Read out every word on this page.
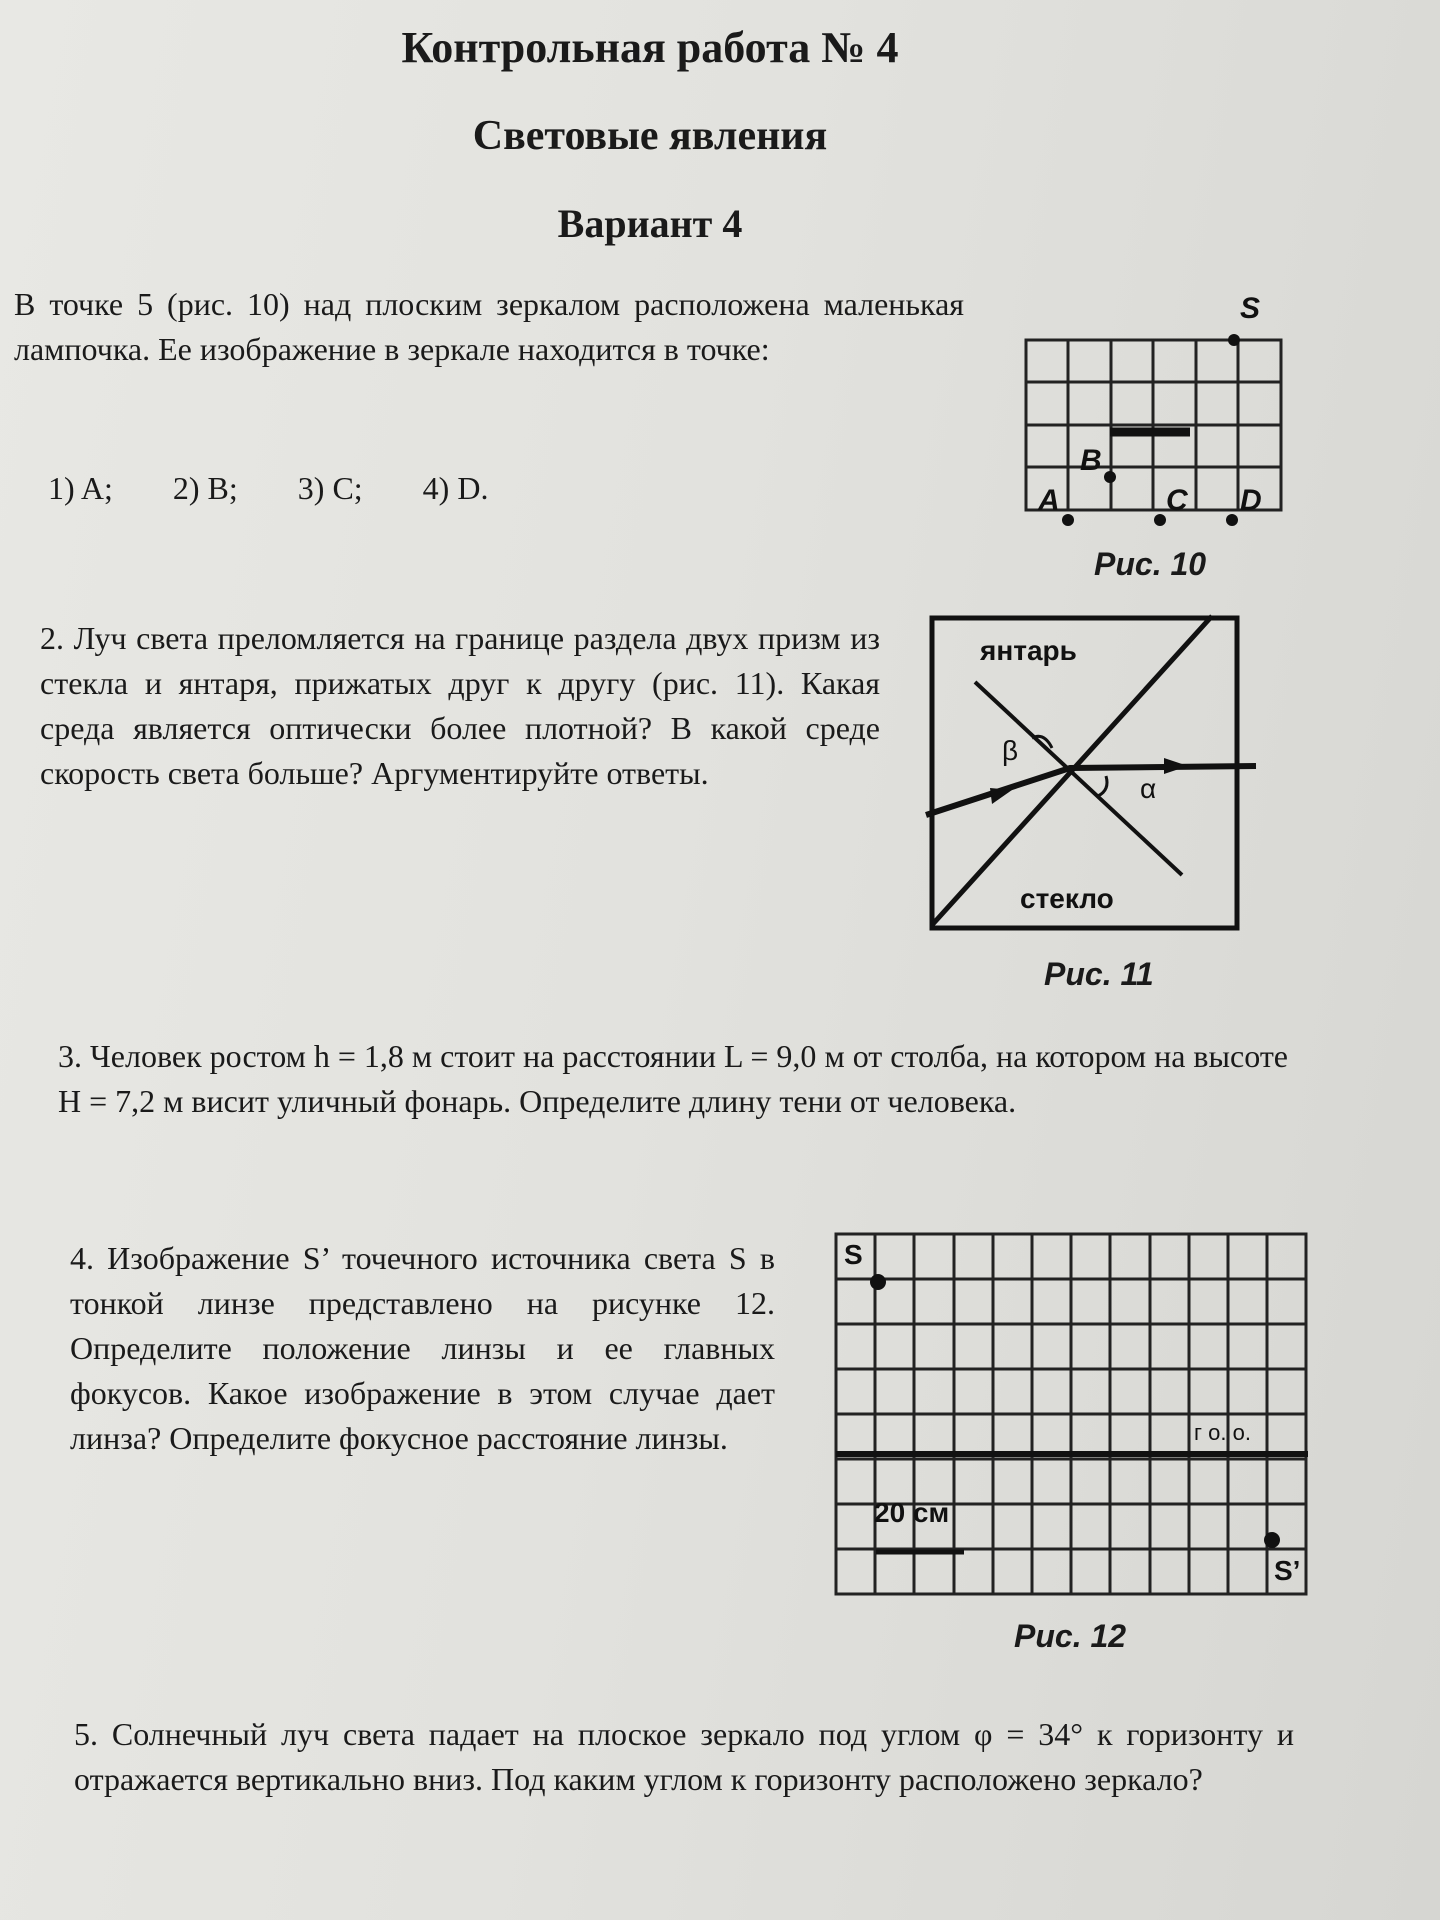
Контрольная работа № 4
Световые явления
Вариант 4
В точке 5 (рис. 10) над плоским зеркалом расположена маленькая лампочка. Ее изображение в зеркале находится в точке:
1) A; 2) B; 3) C; 4) D.
S
B
A	C D
Рис. 10
2. Луч света преломляется на границе раздела двух призм из стекла и янтаря, прижатых друг к другу (рис. 11). Какая среда является оптически более плотной? В какой среде скорость света больше? Аргументируйте ответы.
янтарь
стекло
β
α
Рис. 11
3. Человек ростом h = 1,8 м стоит на расстоянии L = 9,0 м от столба, на котором на высоте H = 7,2 м висит уличный фонарь. Определите длину тени от человека.
4. Изображение S’ точечного источника света S в тонкой линзе представлено на рисунке 12. Определите положение линзы и ее главных фокусов. Какое изображение в этом случае дает линза? Определите фокусное расстояние линзы.
S
S’
г о. о.
20 см
Рис. 12
5. Солнечный луч света падает на плоское зеркало под углом φ = 34° к горизонту и отражается вертикально вниз. Под каким углом к горизонту расположено зеркало?
